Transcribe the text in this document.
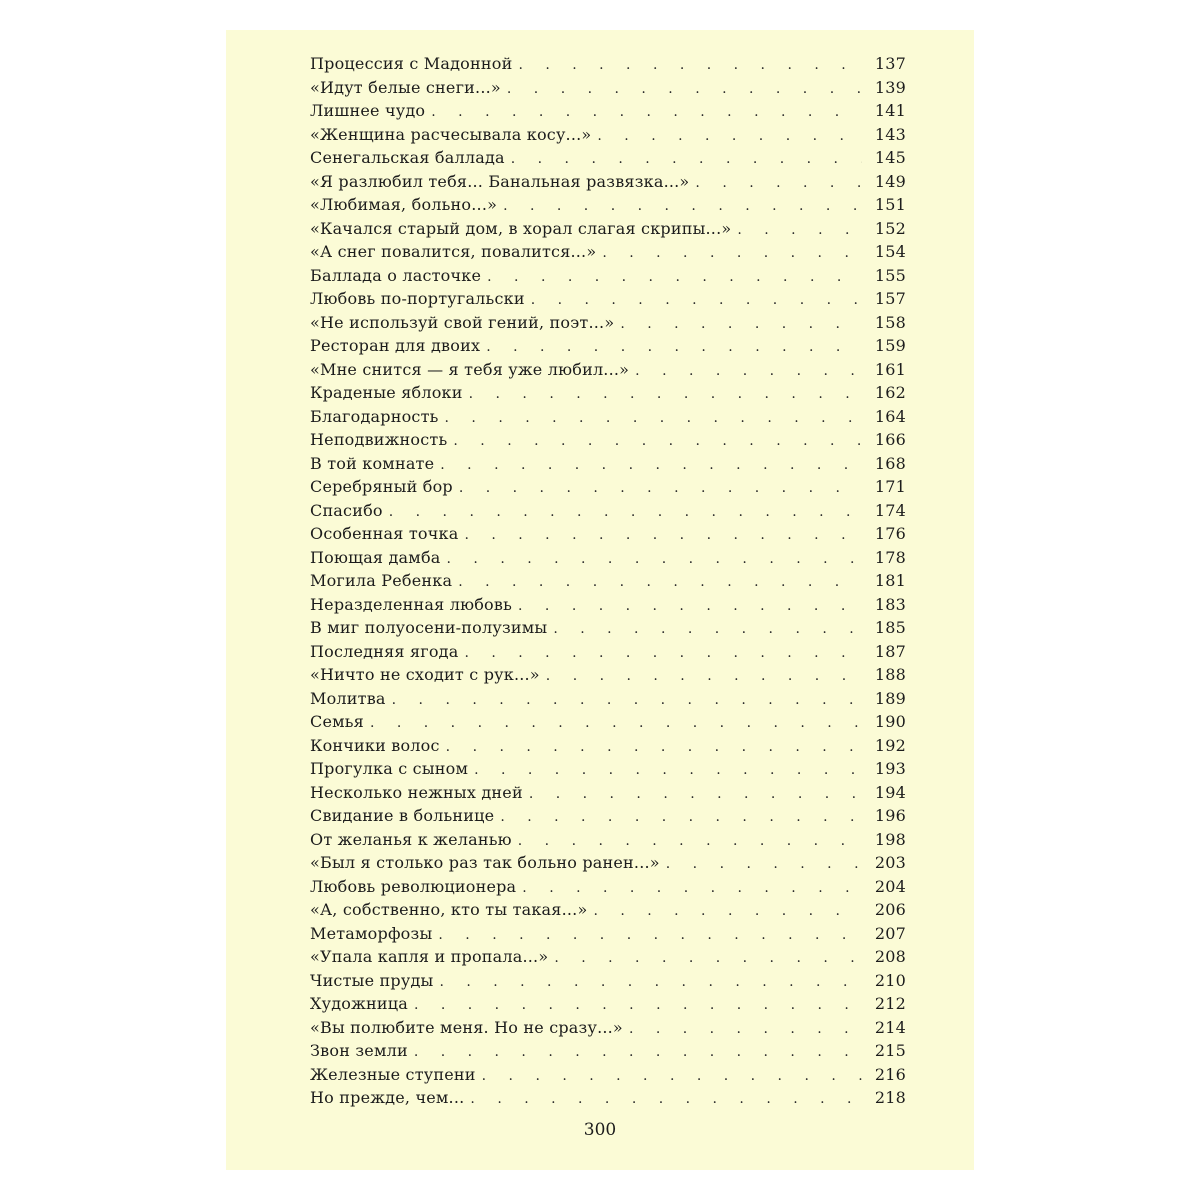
Процессия с Мадонной . . .	137
«Идут белые снеги...» . . .	139
Лишнее чудо . . .	141
«Женщина расчесывала косу...» . . .	143
Сенегальская баллада . . .	145
«Я разлюбил тебя... Банальная развязка...» . . .	149
«Любимая, больно...» . . .	151
«Качался старый дом, в хорал слагая скрипы...» . . .	152
«А снег повалится, повалится...» . . .	154
Баллада о ласточке . . .	155
Любовь по-португальски . . .	157
«Не используй свой гений, поэт...» . . .	158
Ресторан для двоих . . .	159
«Мне снится — я тебя уже любил...» . . .	161
Краденые яблоки . . .	162
Благодарность . . .	164
Неподвижность . . .	166
В той комнате . . .	168
Серебряный бор . . .	171
Спасибо . . .	174
Особенная точка . . .	176
Поющая дамба . . .	178
Могила Ребенка . . .	181
Неразделенная любовь . . .	183
В миг полуосени-полузимы . . .	185
Последняя ягода . . .	187
«Ничто не сходит с рук...» . . .	188
Молитва . . .	189
Семья . . .	190
Кончики волос . . .	192
Прогулка с сыном . . .	193
Несколько нежных дней . . .	194
Свидание в больнице . . .	196
От желанья к желанью . . .	198
«Был я столько раз так больно ранен...» . . .	203
Любовь революционера . . .	204
«А, собственно, кто ты такая...» . . .	206
Метаморфозы . . .	207
«Упала капля и пропала...» . . .	208
Чистые пруды . . .	210
Художница . . .	212
«Вы полюбите меня. Но не сразу...» . . .	214
Звон земли . . .	215
Железные ступени . . .	216
Но прежде, чем... . . .	218
300
